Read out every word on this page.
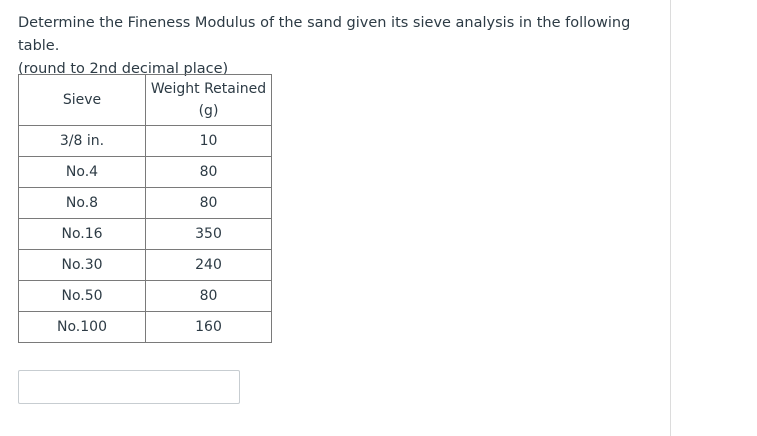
Determine the Fineness Modulus of the sand given its sieve analysis in the following table.

(round to 2nd decimal place)

Sieve	Weight Retained
(g)

3/8 in.	10
No.4	80
No.8	80
No.16	350
No.30	240
No.50	80
No.100	160
